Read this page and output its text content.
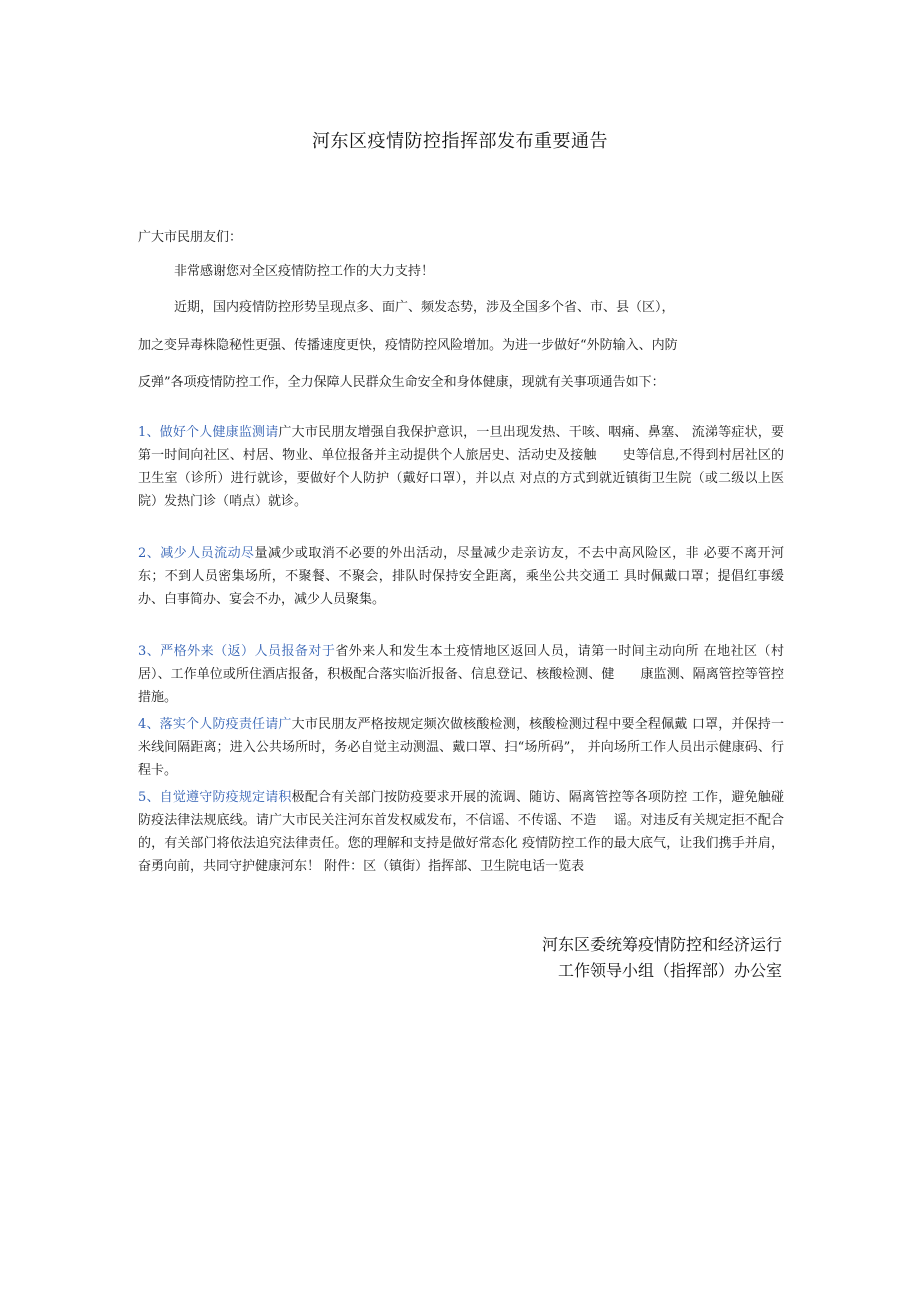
河东区疫情防控指挥部发布重要通告
广大市民朋友们：
非常感谢您对全区疫情防控工作的大力支持！
近期，国内疫情防控形势呈现点多、面广、频发态势，涉及全国多个省、市、县（区），
加之变异毒株隐秘性更强、传播速度更快，疫情防控风险增加。为进一步做好“外防输入、内防
反弹”各项疫情防控工作，全力保障人民群众生命安全和身体健康，现就有关事项通告如下：
1、做好个人健康监测请广大市民朋友增强自我保护意识，一旦出现发热、干咳、咽痛、鼻塞、 流涕等症状，要第一时间向社区、村居、物业、单位报备并主动提供个人旅居史、活动史及接触　　史等信息,不得到村居社区的卫生室（诊所）进行就诊，要做好个人防护（戴好口罩），并以点 对点的方式到就近镇街卫生院（或二级以上医院）发热门诊（哨点）就诊。
2、减少人员流动尽量减少或取消不必要的外出活动，尽量减少走亲访友，不去中高风险区，非 必要不离开河东；不到人员密集场所，不聚餐、不聚会，排队时保持安全距离，乘坐公共交通工 具时佩戴口罩；提倡红事缓办、白事简办、宴会不办，减少人员聚集。
3、严格外来（返）人员报备对于省外来人和发生本土疫情地区返回人员，请第一时间主动向所 在地社区（村居）、工作单位或所住酒店报备，积极配合落实临沂报备、信息登记、核酸检测、健　　康监测、隔离管控等管控措施。
4、落实个人防疫责任请广大市民朋友严格按规定频次做核酸检测，核酸检测过程中要全程佩戴 口罩，并保持一米线间隔距离；进入公共场所时，务必自觉主动测温、戴口罩、扫“场所码”， 并向场所工作人员出示健康码、行程卡。
5、自觉遵守防疫规定请积极配合有关部门按防疫要求开展的流调、随访、隔离管控等各项防控 工作，避免触碰防疫法律法规底线。请广大市民关注河东首发权威发布，不信谣、不传谣、不造　 谣。对违反有关规定拒不配合的，有关部门将依法追究法律责任。您的理解和支持是做好常态化 疫情防控工作的最大底气，让我们携手并肩，奋勇向前，共同守护健康河东！ 附件：区（镇街）指挥部、卫生院电话一览表
河东区委统筹疫情防控和经济运行
工作领导小组（指挥部）办公室
